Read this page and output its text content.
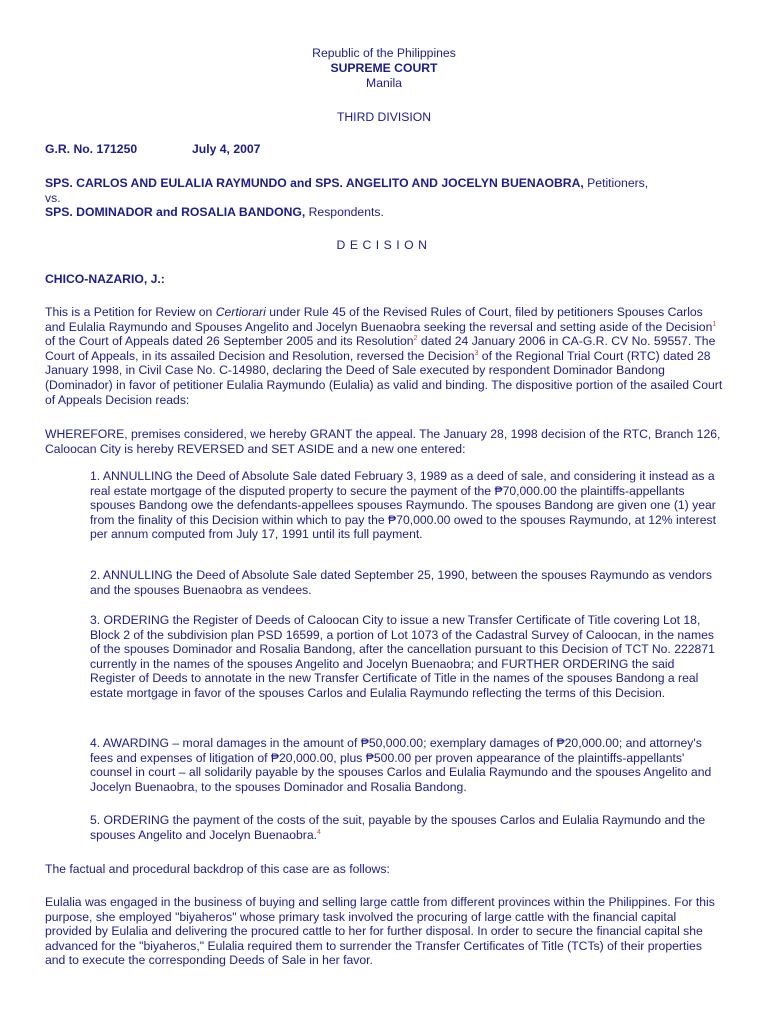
Republic of the Philippines
SUPREME COURT
Manila
THIRD DIVISION
G.R. No. 171250	July 4, 2007
SPS. CARLOS AND EULALIA RAYMUNDO and SPS. ANGELITO AND JOCELYN BUENAOBRA, Petitioners,
vs.
SPS. DOMINADOR and ROSALIA BANDONG, Respondents.
DECISION
CHICO-NAZARIO, J.:

This is a Petition for Review on Certiorari under Rule 45 of the Revised Rules of Court, filed by petitioners Spouses Carlos and Eulalia Raymundo and Spouses Angelito and Jocelyn Buenaobra seeking the reversal and setting aside of the Decision$^1$ of the Court of Appeals dated 26 September 2005 and its Resolution$^2$ dated 24 January 2006 in CA-G.R. CV No. 59557. The Court of Appeals, in its assailed Decision and Resolution, reversed the Decision$^3$ of the Regional Trial Court (RTC) dated 28 January 1998, in Civil Case No. C-14980, declaring the Deed of Sale executed by respondent Dominador Bandong (Dominador) in favor of petitioner Eulalia Raymundo (Eulalia) as valid and binding. The dispositive portion of the asailed Court of Appeals Decision reads:

WHEREFORE, premises considered, we hereby GRANT the appeal. The January 28, 1998 decision of the RTC, Branch 126, Caloocan City is hereby REVERSED and SET ASIDE and a new one entered:

1. ANNULLING the Deed of Absolute Sale dated February 3, 1989 as a deed of sale, and considering it instead as a real estate mortgage of the disputed property to secure the payment of the ₱70,000.00 the plaintiffs-appellants spouses Bandong owe the defendants-appellees spouses Raymundo. The spouses Bandong are given one (1) year from the finality of this Decision within which to pay the ₱70,000.00 owed to the spouses Raymundo, at 12% interest per annum computed from July 17, 1991 until its full payment.

2. ANNULLING the Deed of Absolute Sale dated September 25, 1990, between the spouses Raymundo as vendors and the spouses Buenaobra as vendees.

3. ORDERING the Register of Deeds of Caloocan City to issue a new Transfer Certificate of Title covering Lot 18, Block 2 of the subdivision plan PSD 16599, a portion of Lot 1073 of the Cadastral Survey of Caloocan, in the names of the spouses Dominador and Rosalia Bandong, after the cancellation pursuant to this Decision of TCT No. 222871 currently in the names of the spouses Angelito and Jocelyn Buenaobra; and FURTHER ORDERING the said Register of Deeds to annotate in the new Transfer Certificate of Title in the names of the spouses Bandong a real estate mortgage in favor of the spouses Carlos and Eulalia Raymundo reflecting the terms of this Decision.

4. AWARDING – moral damages in the amount of ₱50,000.00; exemplary damages of ₱20,000.00; and attorney's fees and expenses of litigation of ₱20,000.00, plus ₱500.00 per proven appearance of the plaintiffs-appellants' counsel in court – all solidarily payable by the spouses Carlos and Eulalia Raymundo and the spouses Angelito and Jocelyn Buenaobra, to the spouses Dominador and Rosalia Bandong.

5. ORDERING the payment of the costs of the suit, payable by the spouses Carlos and Eulalia Raymundo and the spouses Angelito and Jocelyn Buenaobra.$^4$

The factual and procedural backdrop of this case are as follows:

Eulalia was engaged in the business of buying and selling large cattle from different provinces within the Philippines. For this purpose, she employed "biyaheros" whose primary task involved the procuring of large cattle with the financial capital provided by Eulalia and delivering the procured cattle to her for further disposal. In order to secure the financial capital she advanced for the "biyaheros," Eulalia required them to surrender the Transfer Certificates of Title (TCTs) of their properties and to execute the corresponding Deeds of Sale in her favor.
